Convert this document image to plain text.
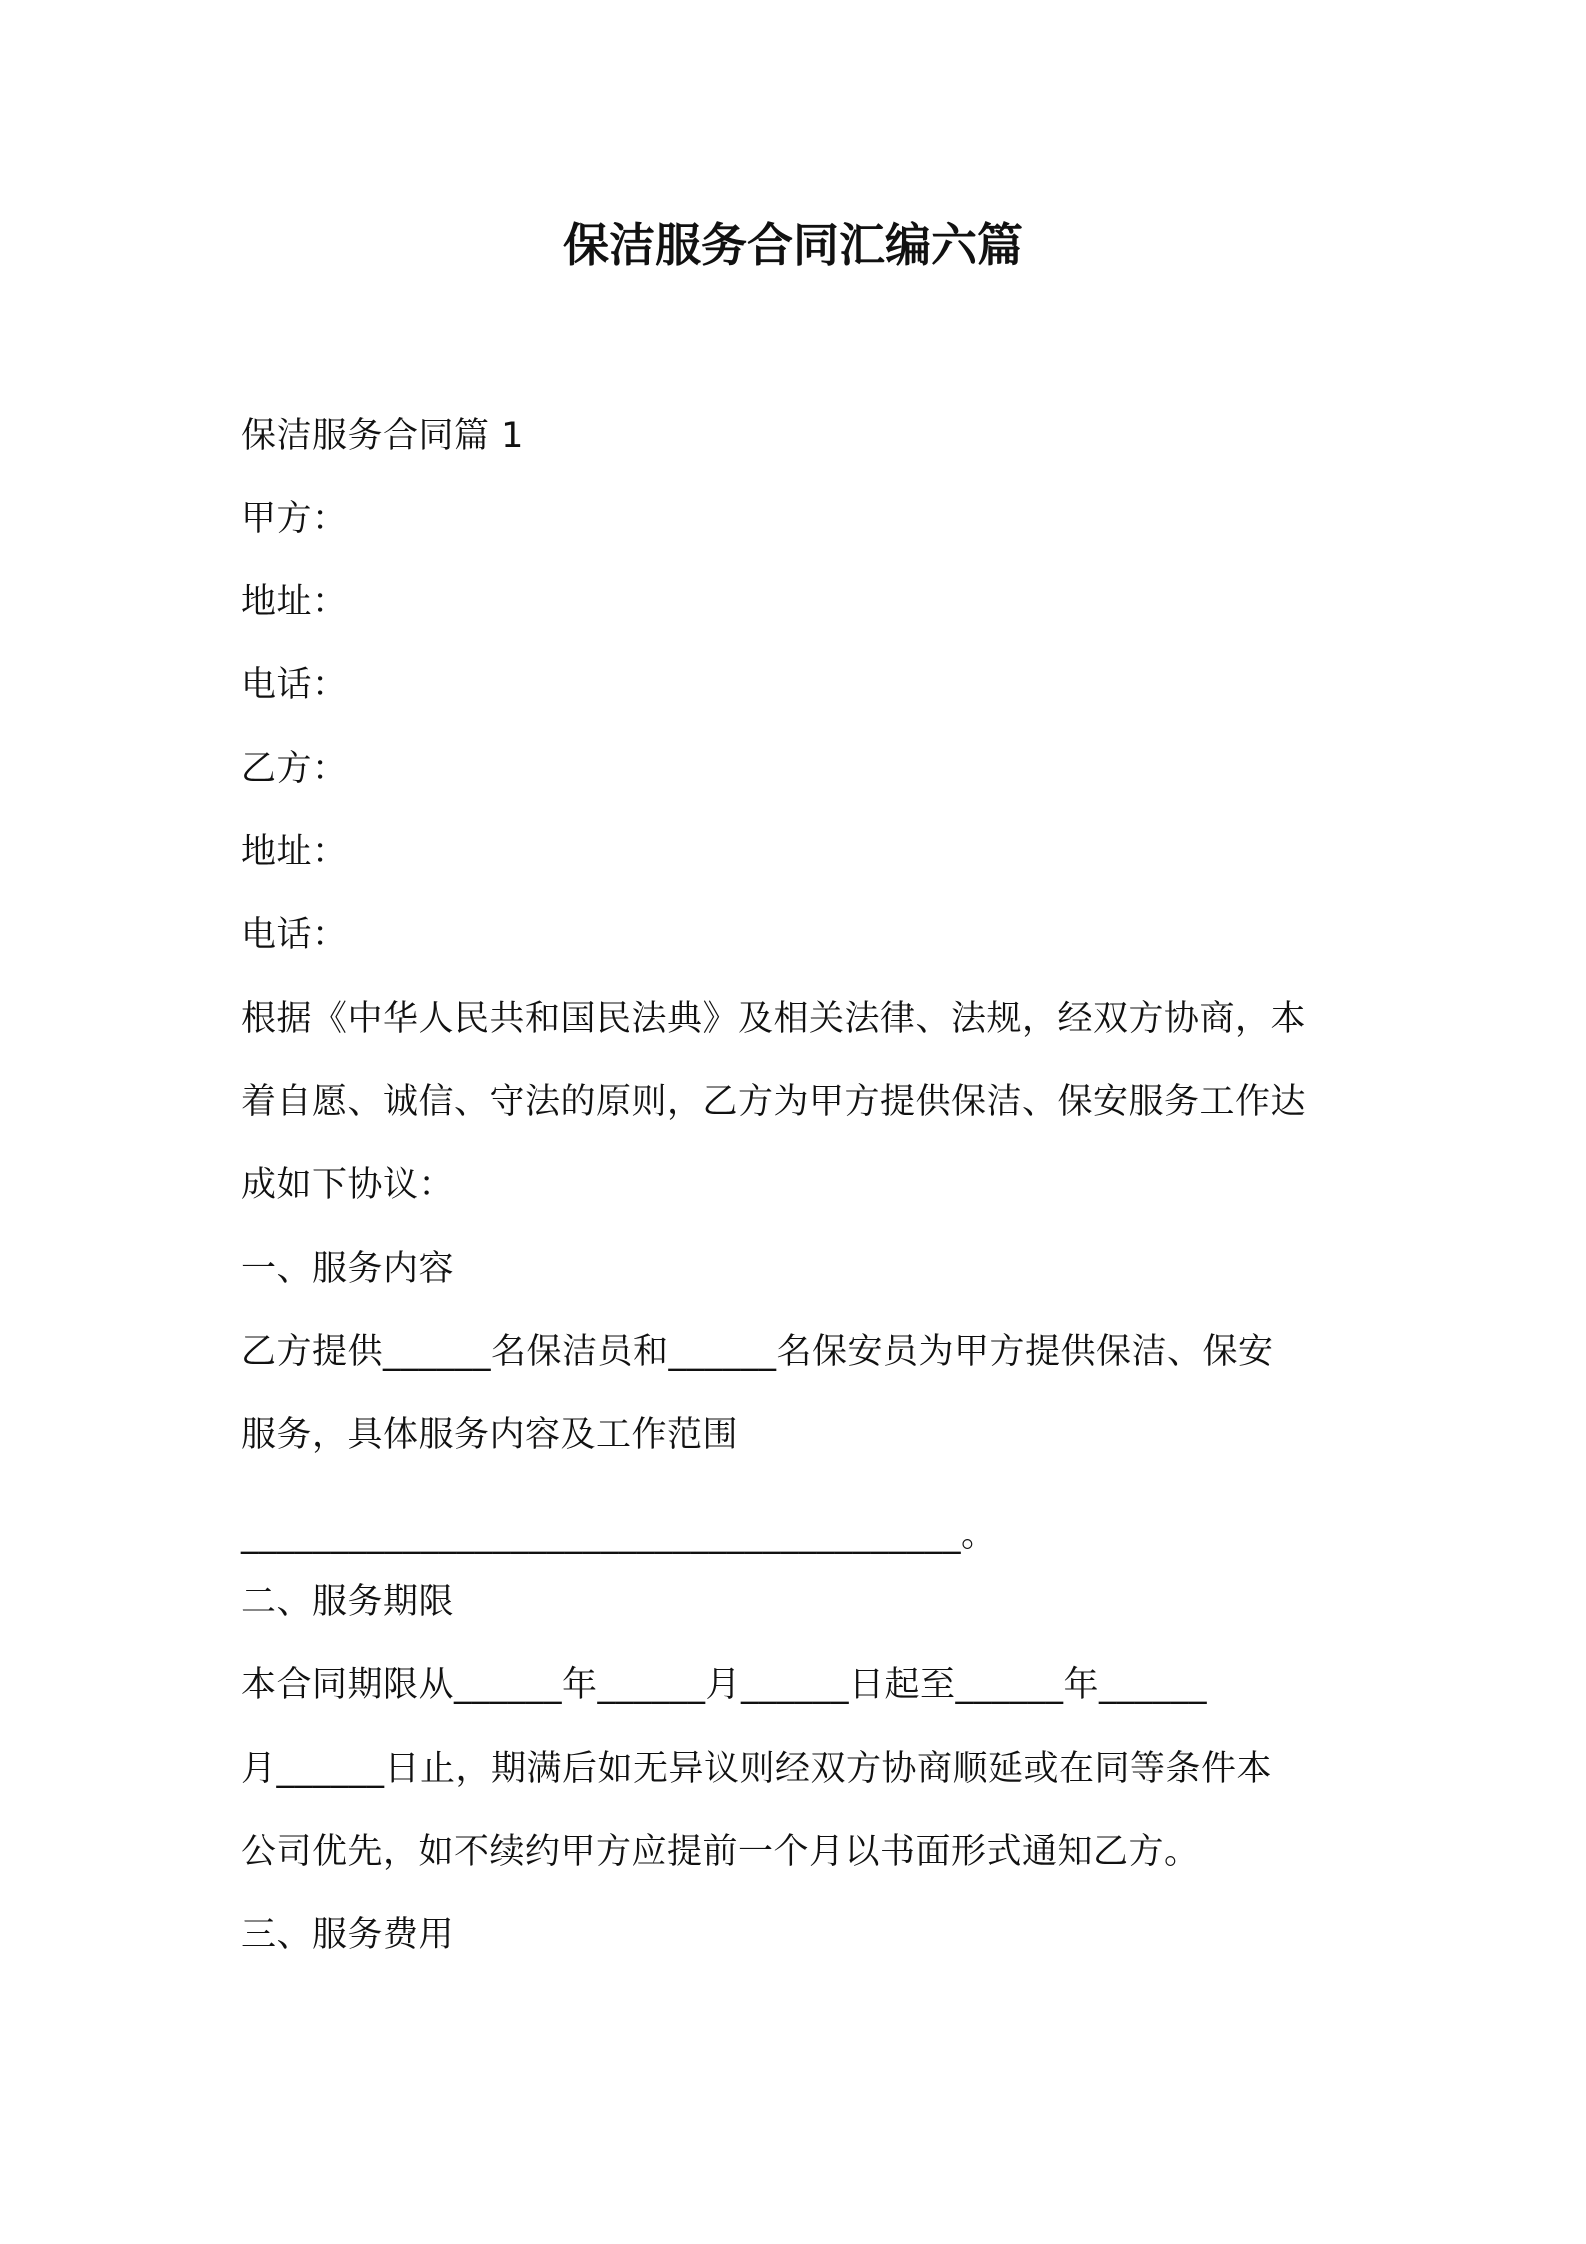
保洁服务合同汇编六篇
保洁服务合同篇 1
甲方：
地址：
电话：
乙方：
地址：
电话：
根据《中华人民共和国民法典》及相关法律、法规，经双方协商，本
着自愿、诚信、守法的原则，乙方为甲方提供保洁、保安服务工作达
成如下协议：
一、服务内容
乙方提供______名保洁员和______名保安员为甲方提供保洁、保安
服务，具体服务内容及工作范围
________________________________________。
二、服务期限
本合同期限从______年______月______日起至______年______
月______日止，期满后如无异议则经双方协商顺延或在同等条件本
公司优先，如不续约甲方应提前一个月以书面形式通知乙方。
三、服务费用
